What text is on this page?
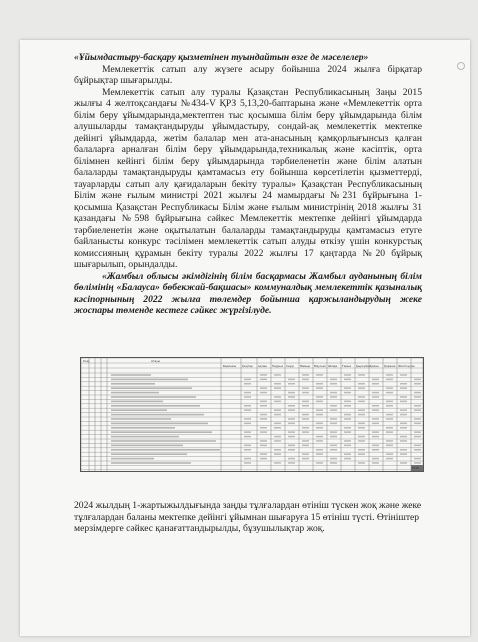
«Ұйымдастыру-басқару қызметінен туындайтын өзге де мәселелер»

Мемлекеттік сатып алу жүзеге асыру бойынша 2024 жылға бірқатар бұйрықтар шығарылды.

Мемлекеттік сатып алу туралы Қазақстан Республикасының Заңы 2015 жылғы 4 желтоқсандағы №434-V ҚРЗ 5,13,20-баптарына және «Мемлекеттік орта білім беру ұйымдарында,мектептен тыс қосымша білім беру ұйымдарында білім алушыларды тамақтандыруды ұйымдастыру, сондай-ақ мемлекеттік мектепке дейінгі ұйымдарда, жетім балалар мен ата-анасының қамқорлығынсыз қалған балаларға арналған білім беру ұйымдарында,техникалық және кәсіптік, орта білімнен кейінгі білім беру ұйымдарында тәрбиеленетін және білім алатын балаларды тамақтандыруды қамтамасыз ету бойынша көрсетілетін қызметтерді, тауарларды сатып алу қағидаларын бекіту туралы» Қазақстан Республикасының Білім және ғылым министрі 2021 жылғы 24 мамырдағы №231 бұйрығына 1-қосымша Қазақстан Республикасы Білім және ғылым министрінің 2018 жылғы 31 қазандағы №598 бұйрығына сәйкес Мемлекеттік мектепке дейінгі ұйымдарда тәрбиеленетін және оқытылатын балаларды тамақтандыруды қамтамасыз етуге байланысты конкурс тәсілімен мемлекеттік сатып алуды өткізу үшін конкурстық комиссияның құрамын бекіту туралы 2022 жылғы 17 қаңтарда №20 бұйрық шығарылып, орындалды.

«Жамбыл облысы әкімдігінің білім басқармасы Жамбыл ауданының білім бөлімінің «Балауса» бөбекжай-бақшасы» коммуналдық мемлекеттік қазыналық кәсіпорнының 2022 жылға төлемдер бойынша қаржыландырудың жеке жоспары төменде кестеге сәйкес жүргізілуде.

Код	Атауы
Барлығы Қаңтар Ақпан Наурыз Сәуір Мамыр Маусым Шілде	Тамыз Қыркүйек Қазан Қараша Желтоқсан
6748

2024 жылдың 1-жартыжылдығында заңды тұлғалардан өтініш түскен жоқ және жеке тұлғалардан баланы мектепке дейінгі ұйымнан шығаруға 15 өтініш түсті. Өтініштер мерзімдерге сәйкес қанағаттандырылды, бұзушылықтар жоқ.
